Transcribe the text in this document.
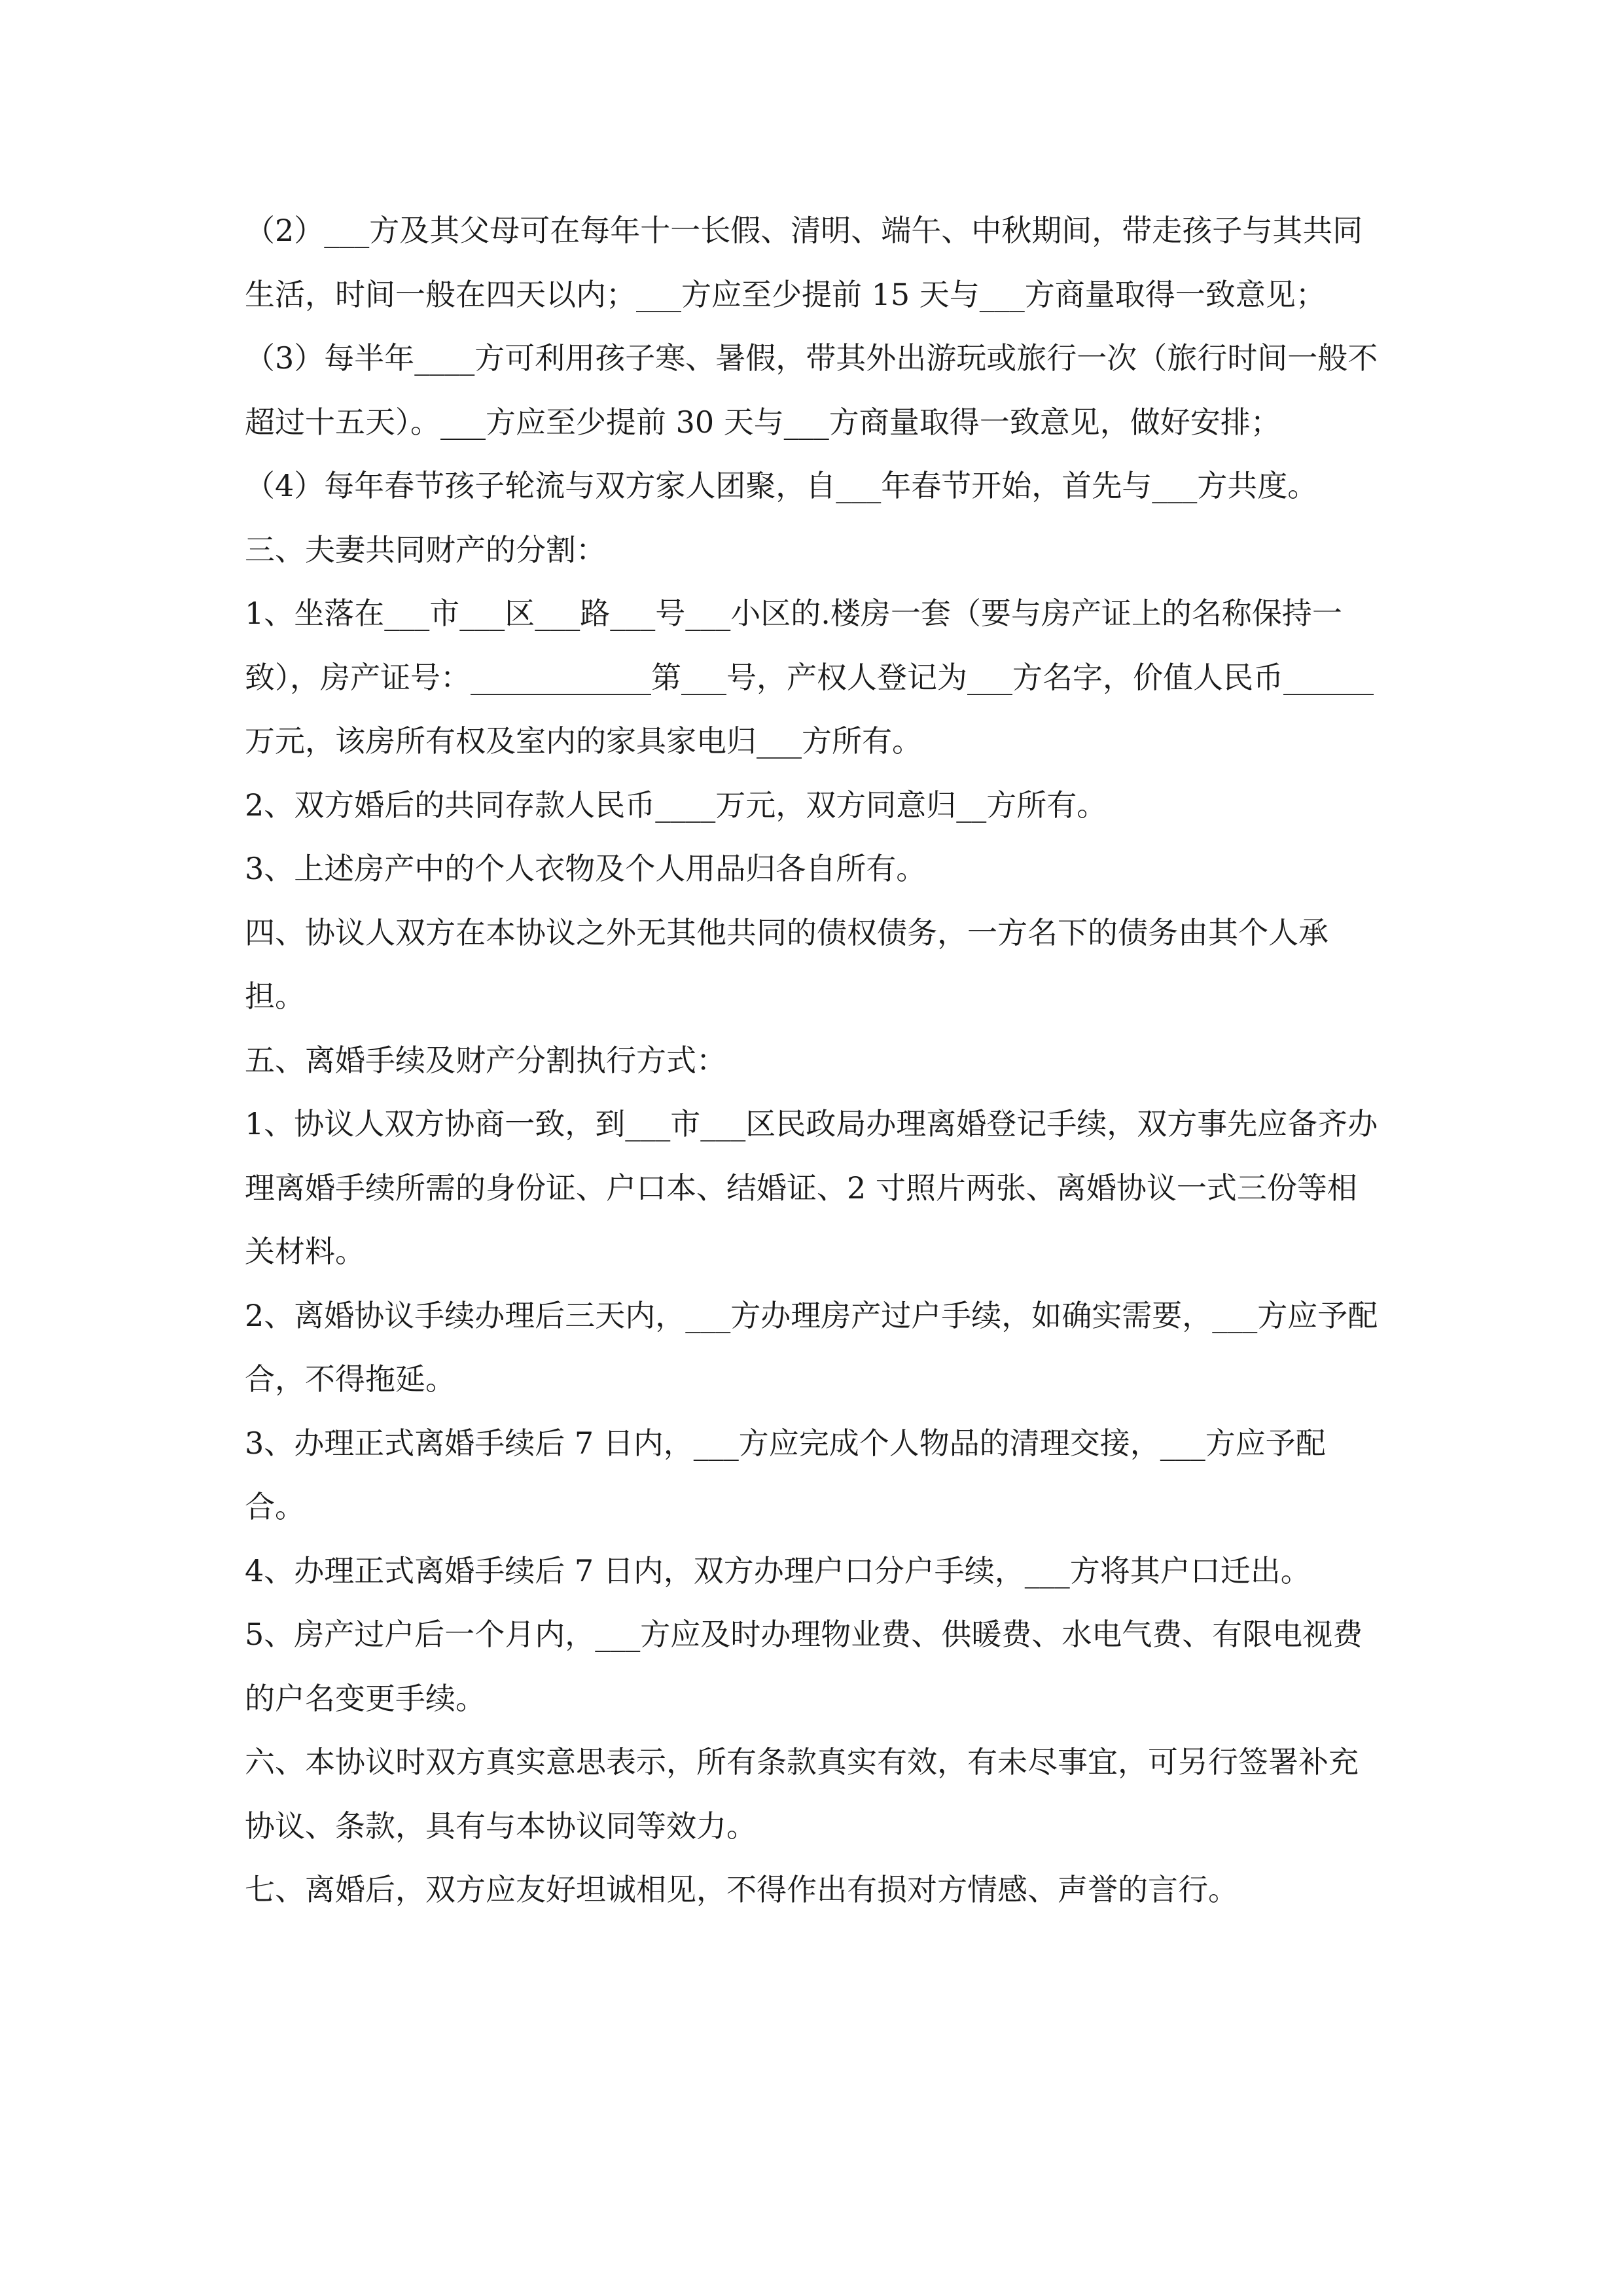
（2）___方及其父母可在每年十一长假、清明、端午、中秋期间，带走孩子与其共同生活，时间一般在四天以内；___方应至少提前 15 天与___方商量取得一致意见；

（3）每半年____方可利用孩子寒、暑假，带其外出游玩或旅行一次（旅行时间一般不超过十五天）。___方应至少提前 30 天与___方商量取得一致意见，做好安排；

（4）每年春节孩子轮流与双方家人团聚，自___年春节开始，首先与___方共度。

三、夫妻共同财产的分割：

1、坐落在___市___区___路___号___小区的.楼房一套（要与房产证上的名称保持一致），房产证号：____________第___号，产权人登记为___方名字，价值人民币______万元，该房所有权及室内的家具家电归___方所有。

2、双方婚后的共同存款人民币____万元，双方同意归__方所有。

3、上述房产中的个人衣物及个人用品归各自所有。

四、协议人双方在本协议之外无其他共同的债权债务，一方名下的债务由其个人承担。

五、离婚手续及财产分割执行方式：

1、协议人双方协商一致，到___市___区民政局办理离婚登记手续，双方事先应备齐办理离婚手续所需的身份证、户口本、结婚证、2 寸照片两张、离婚协议一式三份等相关材料。

2、离婚协议手续办理后三天内，___方办理房产过户手续，如确实需要，___方应予配合，不得拖延。

3、办理正式离婚手续后 7 日内，___方应完成个人物品的清理交接，___方应予配合。

4、办理正式离婚手续后 7 日内，双方办理户口分户手续，___方将其户口迁出。

5、房产过户后一个月内，___方应及时办理物业费、供暖费、水电气费、有限电视费的户名变更手续。

六、本协议时双方真实意思表示，所有条款真实有效，有未尽事宜，可另行签署补充协议、条款，具有与本协议同等效力。

七、离婚后，双方应友好坦诚相见，不得作出有损对方情感、声誉的言行。
